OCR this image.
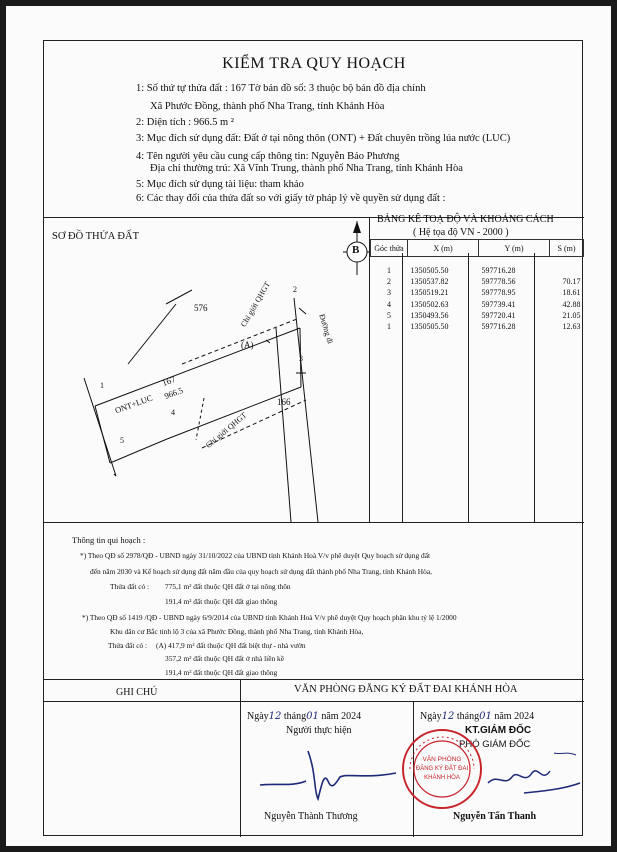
KIỂM TRA QUY HOẠCH
1: Số thứ tự thửa đất : 167 Tờ bản đồ số: 3 thuộc bộ bản đồ địa chính
Xã Phước Đồng, thành phố Nha Trang, tỉnh Khánh Hòa
2: Diện tích : 966.5 m ²
3: Mục đích sử dụng đất: Đất ở tại nông thôn (ONT) + Đất chuyên trồng lúa nước (LUC)
4: Tên người yêu cầu cung cấp thông tin: Nguyễn Bảo Phương
Địa chỉ thường trú: Xã Vĩnh Trung, thành phố Nha Trang, tỉnh Khánh Hòa
5: Mục đích sử dụng tài liệu: tham khảo
6: Các thay đổi của thửa đất so với giấy tờ pháp lý về quyền sử dụng đất :
SƠ ĐỒ THỬA ĐẤT
Chỉ giới QHGT
Đường đi
576
(A)
166
167
966.5
ONT+LUC
Chỉ giới QHGT
1
2
3
4
5
B
BẢNG KÊ TOẠ ĐỘ VÀ KHOẢNG CÁCH
( Hệ tọa độ VN - 2000 )
Góc thửa	X (m)	Y (m)	S (m)

1	1350505.50	597716.28	
2	1350537.82	597778.56	70.17
3	1350519.21	597778.95	18.61
4	1350502.63	597739.41	42.88
5	1350493.56	597720.41	21.05
1	1350505.50	597716.28	12.63
Thông tin qui hoạch :
*) Theo QĐ số 2978/QĐ - UBND ngày 31/10/2022 của UBND tỉnh Khánh Hoà V/v phê duyệt Quy hoạch sử dụng đất
đến năm 2030 và Kế hoạch sử dụng đất năm đầu của quy hoạch sử dụng đất thành phố Nha Trang, tỉnh Khánh Hòa,
Thửa đất có : 775,1 m² đất thuộc QH đất ở tại nông thôn
191,4 m² đất thuộc QH đất giao thông
*) Theo QĐ số 1419 /QĐ - UBND ngày 6/9/2014 của UBND tỉnh Khánh Hoà V/v phê duyệt Quy hoạch phân khu tỷ lệ 1/2000
Khu dân cư Bắc tỉnh lộ 3 của xã Phước Đồng, thành phố Nha Trang, tỉnh Khánh Hòa,
Thửa đất có : (A) 417,9 m² đất thuộc QH đất biệt thự - nhà vườn
357,2 m² đất thuộc QH đất ở nhà liền kề
191,4 m² đất thuộc QH đất giao thông
GHI CHÚ	VĂN PHÒNG ĐĂNG KÝ ĐẤT ĐAI KHÁNH HÒA
Ngày12 tháng01 năm 2024
Người thực hiện
Nguyễn Thành Thương
Ngày12 tháng01 năm 2024
KT.GIÁM ĐỐC
PHÓ GIÁM ĐỐC
Nguyễn Tấn Thanh
VĂN PHÒNG
ĐĂNG KÝ ĐẤT ĐAI
KHÁNH HÒA
